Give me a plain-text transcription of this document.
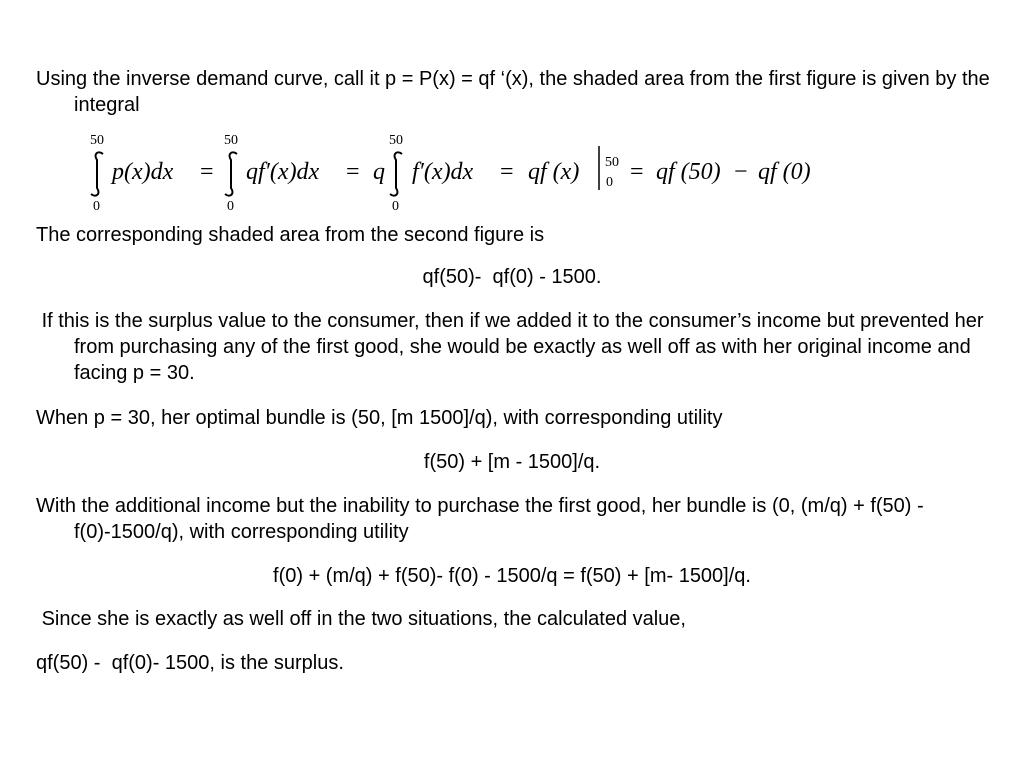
Using the inverse demand curve, call it p = P(x) = qf ‘(x), the shaded area from the first figure is given by the integral
50
0
p(x)dx =
50
0
qf′(x)dx = q
50
0
f′(x)dx = qf (x) 50
0 = qf (50) − qf (0)
The corresponding shaded area from the second figure is
qf(50)-  qf(0) - 1500.
If this is the surplus value to the consumer, then if we added it to the consumer’s income but prevented her from purchasing any of the first good, she would be exactly as well off as with her original income and facing p = 30.
When p = 30, her optimal bundle is (50, [m 1500]/q), with corresponding utility
f(50) + [m - 1500]/q.
With the additional income but the inability to purchase the first good, her bundle is (0, (m/q) + f(50) - f(0)-1500/q), with corresponding utility
f(0) + (m/q) + f(50)- f(0) - 1500/q = f(50) + [m- 1500]/q.
Since she is exactly as well off in the two situations, the calculated value,
qf(50) -  qf(0)- 1500, is the surplus.
